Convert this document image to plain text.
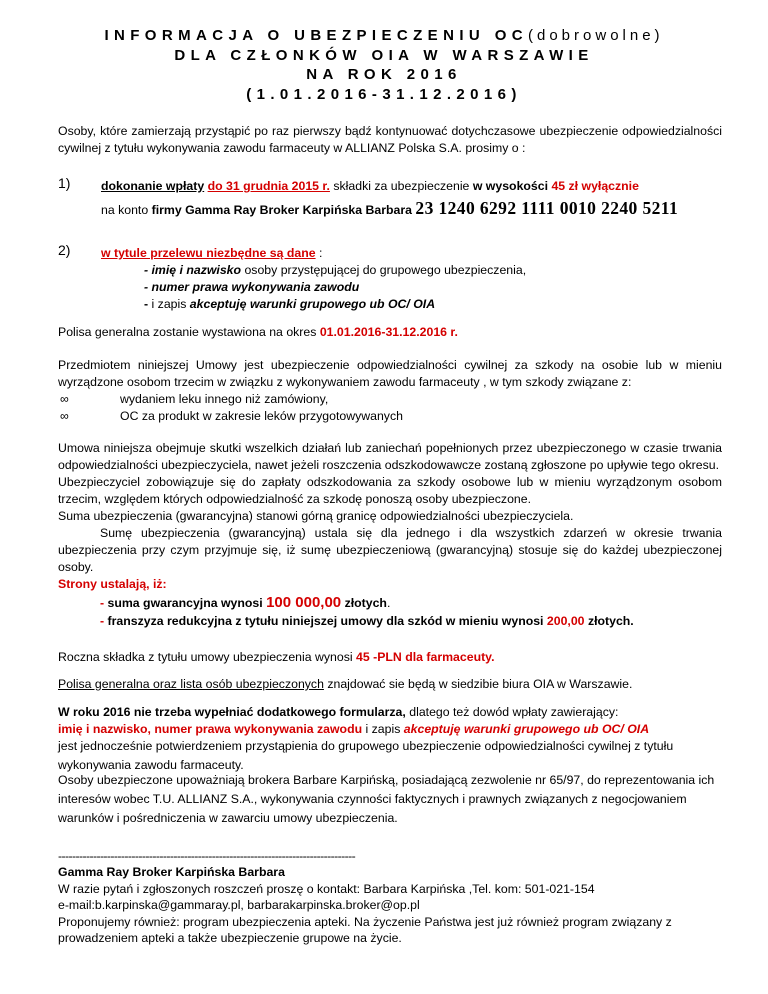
INFORMACJA O UBEZPIECZENIU OC(dobrowolne)

DLA CZŁONKÓW OIA W WARSZAWIE

NA ROK 2016

(1.01.2016-31.12.2016)

Osoby, które zamierzają przystąpić po raz pierwszy bądź kontynuować dotychczasowe ubezpieczenie odpowiedzialności cywilnej z tytułu wykonywania zawodu farmaceuty w ALLIANZ Polska S.A. prosimy o :

1) dokonanie wpłaty do 31 grudnia 2015 r. składki za ubezpieczenie w wysokości 45 zł wyłącznie

na konto firmy Gamma Ray Broker Karpińska Barbara 23 1240 6292 1111 0010 2240 5211

2) w tytule przelewu niezbędne są dane :

- imię i nazwisko osoby przystępującej do grupowego ubezpieczenia,

- numer prawa wykonywania zawodu

- i zapis akceptuję warunki grupowego ub OC/ OIA

Polisa generalna zostanie wystawiona na okres 01.01.2016-31.12.2016 r.

Przedmiotem niniejszej Umowy jest ubezpieczenie odpowiedzialności cywilnej za szkody na osobie lub w mieniu wyrządzone osobom trzecim w związku z wykonywaniem zawodu farmaceuty , w tym szkody związane z:

∞	wydaniem leku innego niż zamówiony,

∞	OC za produkt w zakresie leków przygotowywanych

Umowa niniejsza obejmuje skutki wszelkich działań lub zaniechań popełnionych przez ubezpieczonego w czasie trwania odpowiedzialności ubezpieczyciela, nawet jeżeli roszczenia odszkodowawcze zostaną zgłoszone po upływie tego okresu.

Ubezpieczyciel zobowiązuje się do zapłaty odszkodowania za szkody osobowe lub w mieniu wyrządzonym osobom trzecim, względem których odpowiedzialność za szkodę ponoszą osoby ubezpieczone.

Suma ubezpieczenia (gwarancyjna) stanowi górną granicę odpowiedzialności ubezpieczyciela.

Sumę ubezpieczenia (gwarancyjną) ustala się dla jednego i dla wszystkich zdarzeń w okresie trwania ubezpieczenia przy czym przyjmuje się, iż sumę ubezpieczeniową (gwarancyjną) stosuje się do każdej ubezpieczonej osoby.

Strony ustalają, iż:

- suma gwarancyjna wynosi 100 000,00 złotych.

- franszyza redukcyjna z tytułu niniejszej umowy dla szkód w mieniu wynosi 200,00 złotych.

Roczna składka z tytułu umowy ubezpieczenia wynosi 45 -PLN dla farmaceuty.

Polisa generalna oraz lista osób ubezpieczonych znajdować sie będą w siedzibie biura OIA w Warszawie.

W roku 2016 nie trzeba wypełniać dodatkowego formularza, dlatego też dowód wpłaty zawierający:

imię i nazwisko, numer prawa wykonywania zawodu i zapis akceptuję warunki grupowego ub OC/ OIA

jest jednocześnie potwierdzeniem przystąpienia do grupowego ubezpieczenie odpowiedzialności cywilnej z tytułu wykonywania zawodu farmaceuty.

Osoby ubezpieczone upoważniają brokera Barbare Karpińską, posiadającą zezwolenie nr 65/97, do reprezentowania ich interesów wobec T.U. ALLIANZ S.A., wykonywania czynności faktycznych i prawnych związanych z negocjowaniem warunków i pośredniczenia w zawarciu umowy ubezpieczenia.

-------------------------------------------------------------------------------------

Gamma Ray Broker Karpińska Barbara

W razie pytań i zgłoszonych roszczeń proszę o kontakt: Barbara Karpińska ,Tel. kom: 501-021-154

e-mail:b.karpinska@gammaray.pl, barbarakarpinska.broker@op.pl

Proponujemy również: program ubezpieczenia apteki. Na życzenie Państwa jest już również program związany z prowadzeniem apteki a także ubezpieczenie grupowe na życie.
